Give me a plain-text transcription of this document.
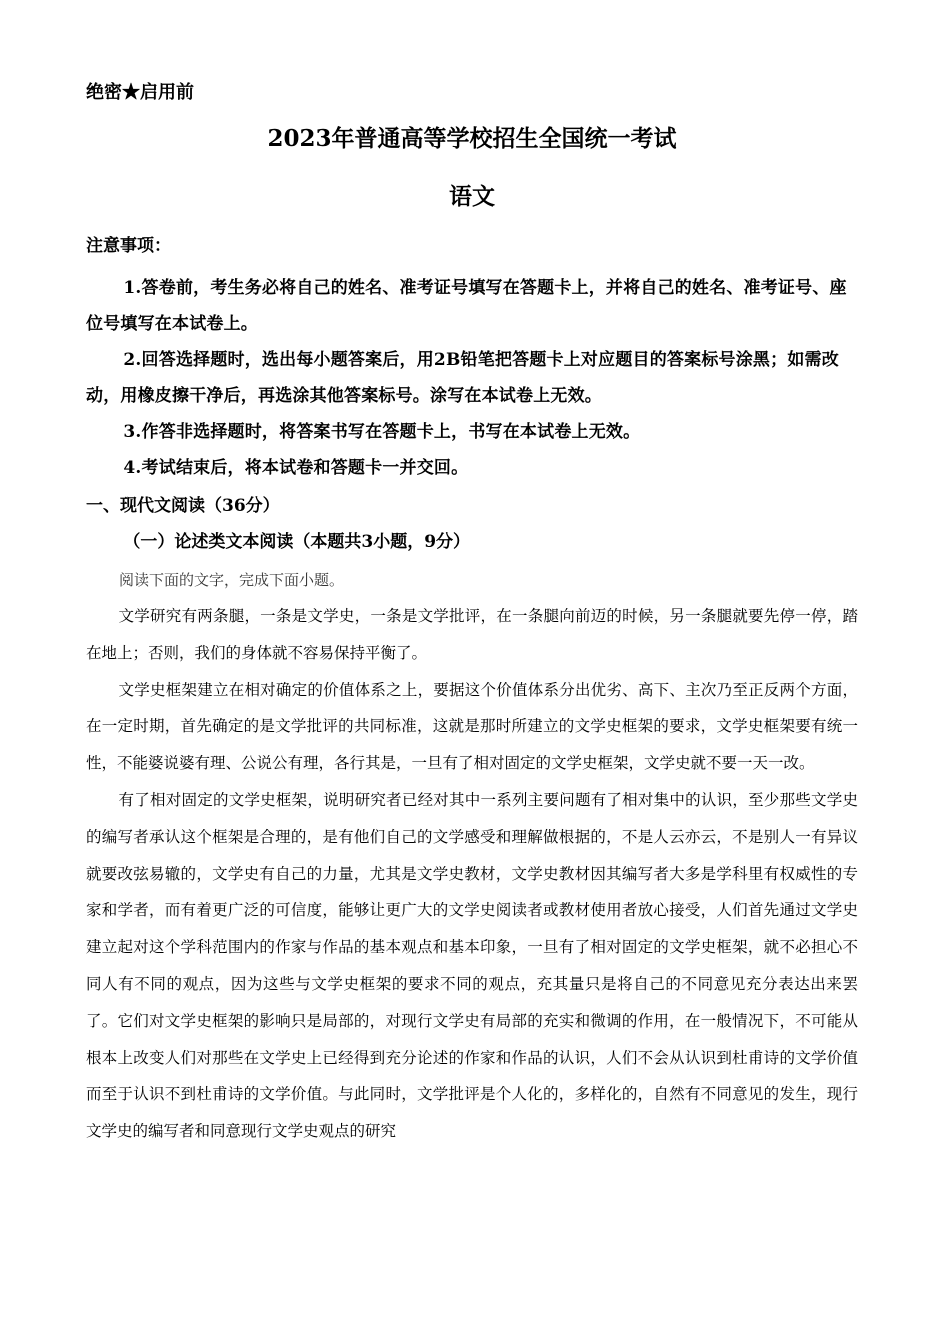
绝密★启用前
2023年普通高等学校招生全国统一考试
语文
注意事项：

1.答卷前，考生务必将自己的姓名、准考证号填写在答题卡上，并将自己的姓名、准考证号、座位号填写在本试卷上。

2.回答选择题时，选出每小题答案后，用2B铅笔把答题卡上对应题目的答案标号涂黑；如需改动，用橡皮擦干净后，再选涂其他答案标号。涂写在本试卷上无效。

3.作答非选择题时，将答案书写在答题卡上，书写在本试卷上无效。

4.考试结束后，将本试卷和答题卡一并交回。

一、现代文阅读（36分）
（一）论述类文本阅读（本题共3小题，9分）
阅读下面的文字，完成下面小题。

文学研究有两条腿，一条是文学史，一条是文学批评，在一条腿向前迈的时候，另一条腿就要先停一停，踏在地上；否则，我们的身体就不容易保持平衡了。

文学史框架建立在相对确定的价值体系之上，要据这个价值体系分出优劣、高下、主次乃至正反两个方面，在一定时期，首先确定的是文学批评的共同标准，这就是那时所建立的文学史框架的要求，文学史框架要有统一性，不能婆说婆有理、公说公有理，各行其是，一旦有了相对固定的文学史框架，文学史就不要一天一改。

有了相对固定的文学史框架，说明研究者已经对其中一系列主要问题有了相对集中的认识，至少那些文学史的编写者承认这个框架是合理的，是有他们自己的文学感受和理解做根据的，不是人云亦云，不是别人一有异议就要改弦易辙的，文学史有自己的力量，尤其是文学史教材，文学史教材因其编写者大多是学科里有权威性的专家和学者，而有着更广泛的可信度，能够让更广大的文学史阅读者或教材使用者放心接受，人们首先通过文学史建立起对这个学科范围内的作家与作品的基本观点和基本印象，一旦有了相对固定的文学史框架，就不必担心不同人有不同的观点，因为这些与文学史框架的要求不同的观点，充其量只是将自己的不同意见充分表达出来罢了。它们对文学史框架的影响只是局部的，对现行文学史有局部的充实和微调的作用，在一般情况下，不可能从根本上改变人们对那些在文学史上已经得到充分论述的作家和作品的认识，人们不会从认识到杜甫诗的文学价值而至于认识不到杜甫诗的文学价值。与此同时，文学批评是个人化的，多样化的，自然有不同意见的发生，现行文学史的编写者和同意现行文学史观点的研究
